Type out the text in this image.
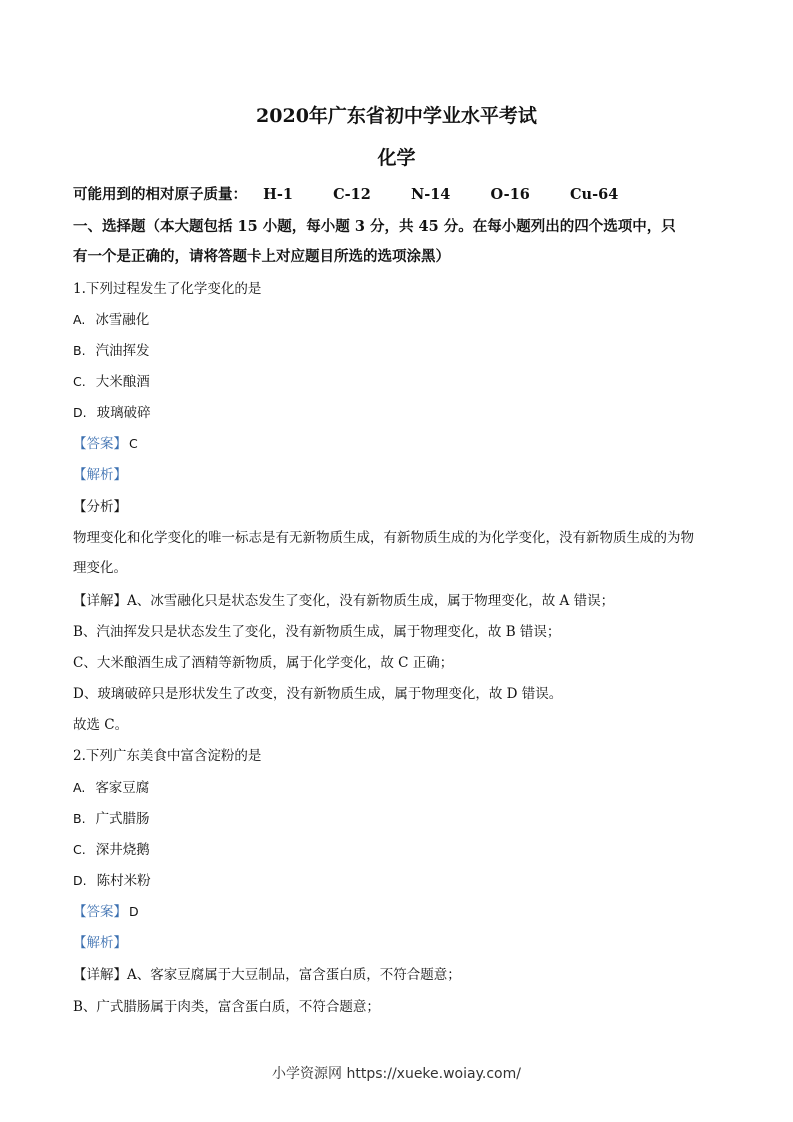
2020年广东省初中学业水平考试
化学
可能用到的相对原子质量： H-1	C-12	N-14	O-16	Cu-64
一、选择题（本大题包括 15 小题，每小题 3 分，共 45 分。在每小题列出的四个选项中，只
有一个是正确的，请将答题卡上对应题目所选的选项涂黑）
1.下列过程发生了化学变化的是
A. 冰雪融化
B. 汽油挥发
C. 大米酿酒
D. 玻璃破碎
【答案】 C
【解析】
【分析】
物理变化和化学变化的唯一标志是有无新物质生成，有新物质生成的为化学变化，没有新物质生成的为物
理变化。
【详解】A、冰雪融化只是状态发生了变化，没有新物质生成，属于物理变化，故 A 错误；
B、汽油挥发只是状态发生了变化，没有新物质生成，属于物理变化，故 B 错误；
C、大米酿酒生成了酒精等新物质，属于化学变化，故 C 正确；
D、玻璃破碎只是形状发生了改变，没有新物质生成，属于物理变化，故 D 错误。
故选 C。
2.下列广东美食中富含淀粉的是
A. 客家豆腐
B. 广式腊肠
C. 深井烧鹅
D. 陈村米粉
【答案】 D
【解析】
【详解】A、客家豆腐属于大豆制品，富含蛋白质，不符合题意；
B、广式腊肠属于肉类，富含蛋白质，不符合题意；
小学资源网 https://xueke.woiay.com/
